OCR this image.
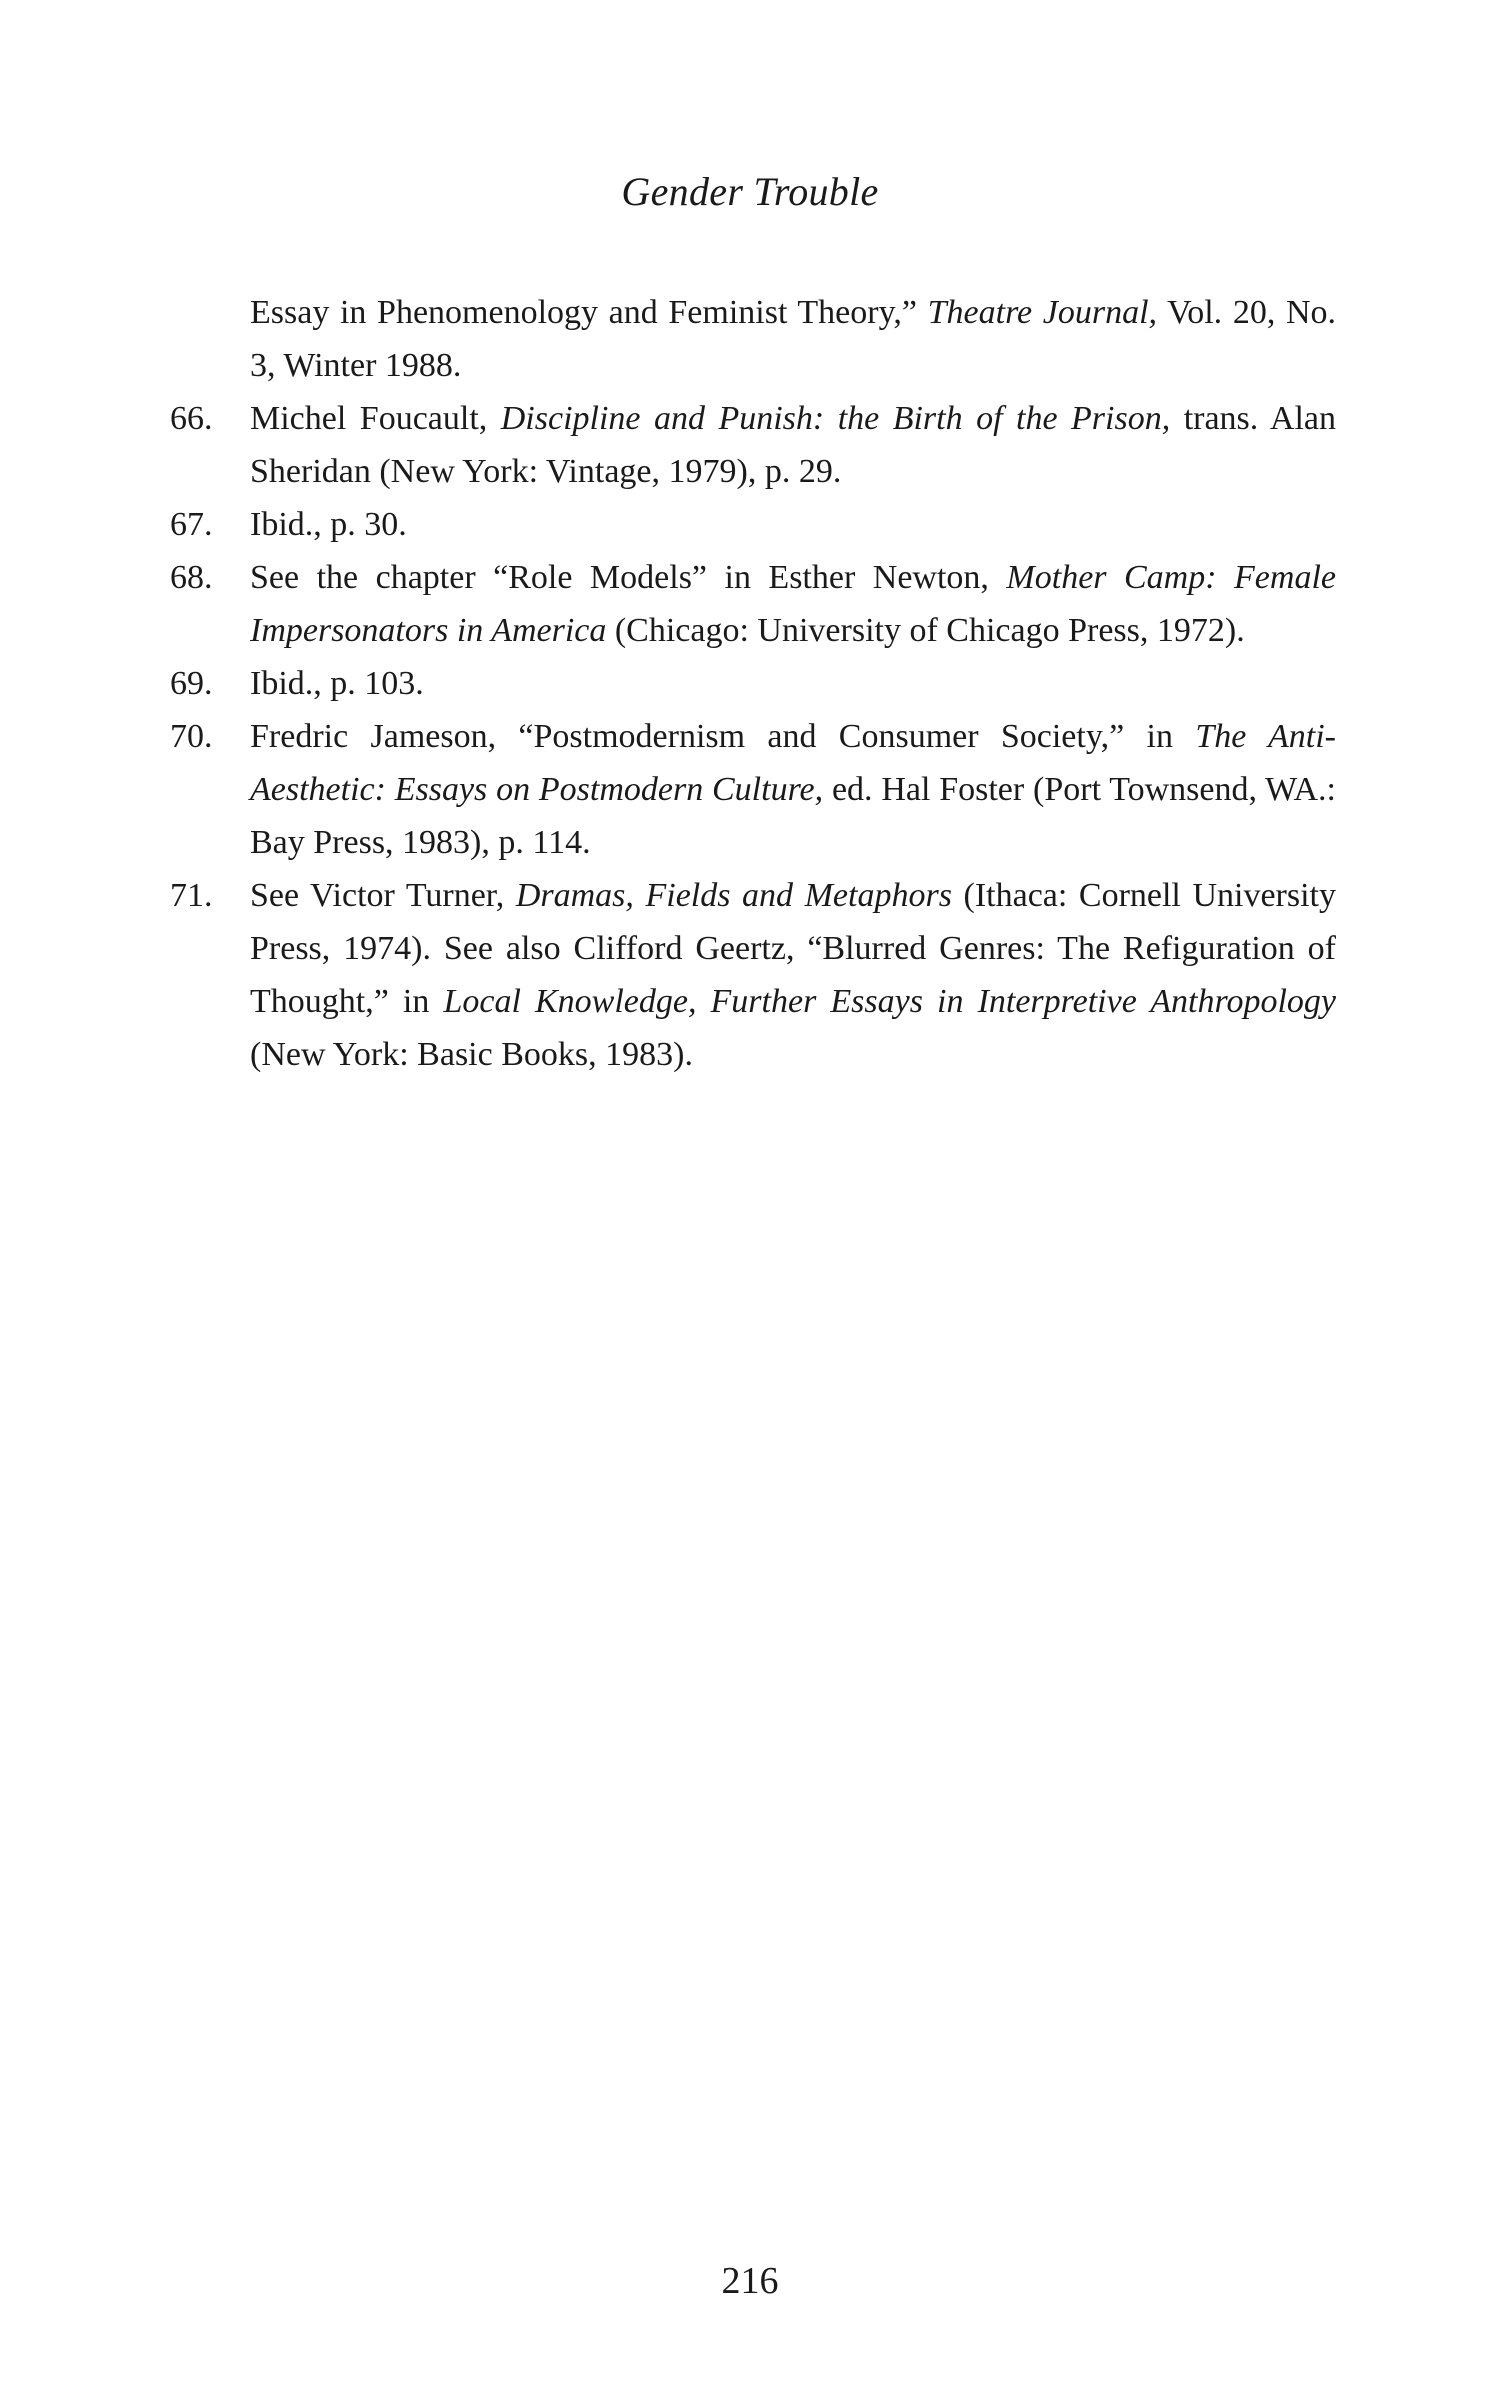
Gender Trouble
Essay in Phenomenology and Feminist Theory,” Theatre Journal, Vol. 20, No. 3, Winter 1988.
66.	Michel Foucault, Discipline and Punish: the Birth of the Prison, trans. Alan Sheridan (New York: Vintage, 1979), p. 29.
67.	Ibid., p. 30.
68.	See the chapter “Role Models” in Esther Newton, Mother Camp: Female Impersonators in America (Chicago: University of Chicago Press, 1972).
69.	Ibid., p. 103.
70.	Fredric Jameson, “Postmodernism and Consumer Society,” in The Anti-Aesthetic: Essays on Postmodern Culture, ed. Hal Foster (Port Townsend, WA.: Bay Press, 1983), p. 114.
71.	See Victor Turner, Dramas, Fields and Metaphors (Ithaca: Cornell University Press, 1974). See also Clifford Geertz, “Blurred Genres: The Refiguration of Thought,” in Local Knowledge, Further Essays in Interpretive Anthropology (New York: Basic Books, 1983).
216
